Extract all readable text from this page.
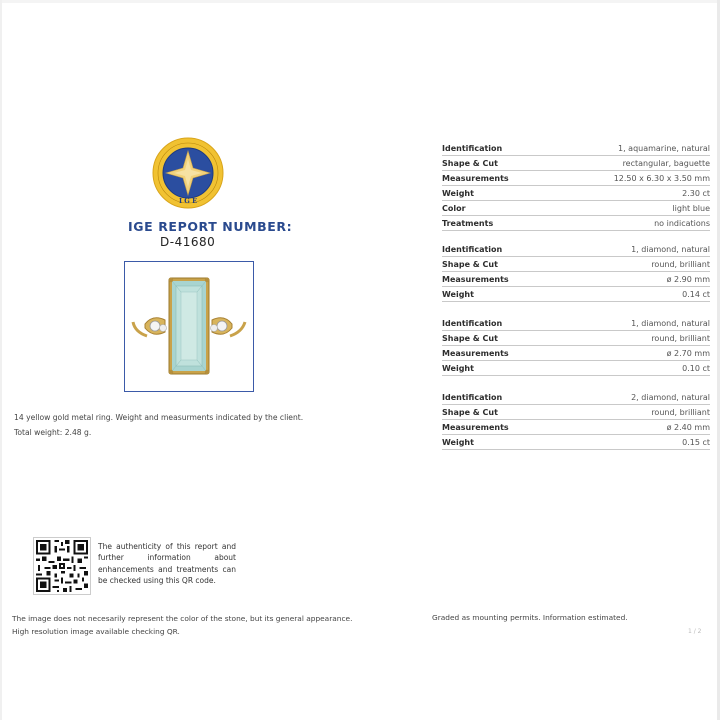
I G E
IGE REPORT NUMBER:
D-41680
14 yellow gold metal ring. Weight and measurments indicated by the client.
Total weight: 2.48 g.
Identification	1, aquamarine, natural
Shape & Cut	rectangular, baguette
Measurements	12.50 x 6.30 x 3.50 mm
Weight	2.30 ct
Color	light blue
Treatments	no indications
Identification	1, diamond, natural
Shape & Cut	round, brilliant
Measurements	ø 2.90 mm
Weight	0.14 ct
Identification	1, diamond, natural
Shape & Cut	round, brilliant
Measurements	ø 2.70 mm
Weight	0.10 ct
Identification	2, diamond, natural
Shape & Cut	round, brilliant
Measurements	ø 2.40 mm
Weight	0.15 ct
The authenticity of this report and further information about enhancements and treatments can be checked using this QR code.
The image does not necesarily represent the color of the stone, but its general appearance.
High resolution image available checking QR.
Graded as mounting permits. Information estimated.
1 / 2
